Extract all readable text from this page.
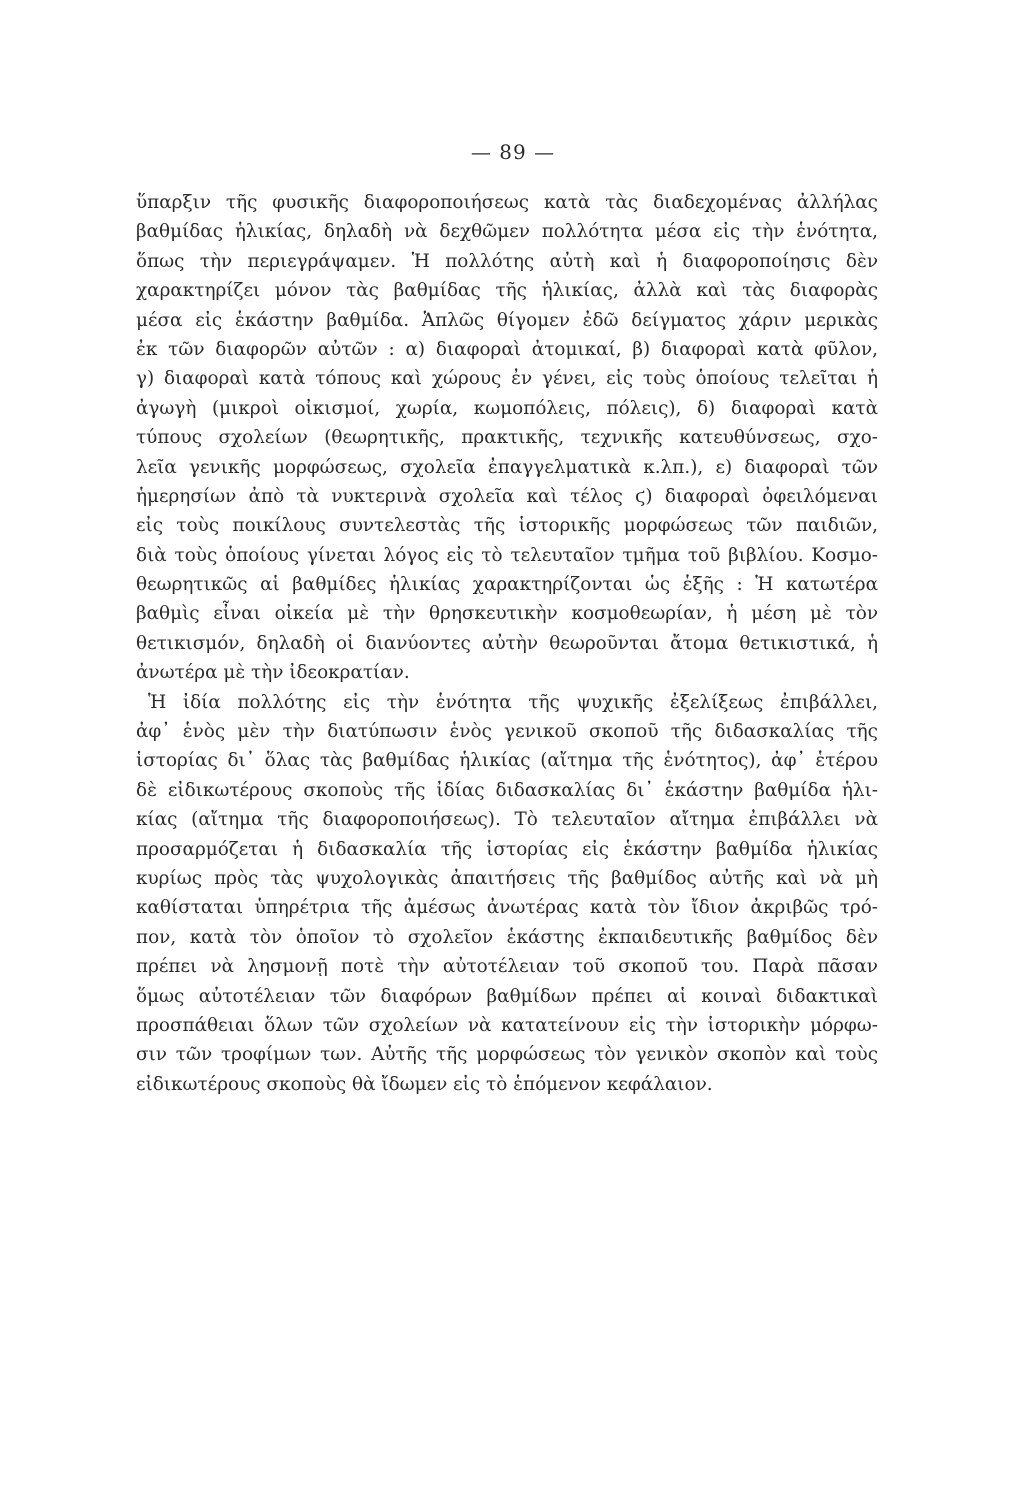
— 89 —
ὕπαρξιν τῆς φυσικῆς διαφοροποιήσεως κατὰ τὰς διαδεχομένας ἀλλήλας
βαθμίδας ἡλικίας, δηλαδὴ νὰ δεχθῶμεν πολλότητα μέσα εἰς τὴν ἑνότητα,
ὅπως τὴν περιεγράψαμεν. Ἡ πολλότης αὐτὴ καὶ ἡ διαφοροποίησις δὲν
χαρακτηρίζει μόνον τὰς βαθμίδας τῆς ἡλικίας, ἀλλὰ καὶ τὰς διαφορὰς
μέσα εἰς ἑκάστην βαθμίδα. Ἁπλῶς θίγομεν ἐδῶ δείγματος χάριν μερικὰς
ἐκ τῶν διαφορῶν αὐτῶν : α) διαφοραὶ ἀτομικαί, β) διαφοραὶ κατὰ φῦλον,
γ) διαφοραὶ κατὰ τόπους καὶ χώρους ἐν γένει, εἰς τοὺς ὁποίους τελεῖται ἡ
ἀγωγὴ (μικροὶ οἰκισμοί, χωρία, κωμοπόλεις, πόλεις), δ) διαφοραὶ κατὰ
τύπους σχολείων (θεωρητικῆς, πρακτικῆς, τεχνικῆς κατευθύνσεως, σχο-
λεῖα γενικῆς μορφώσεως, σχολεῖα ἐπαγγελματικὰ κ.λπ.), ε) διαφοραὶ τῶν
ἡμερησίων ἀπὸ τὰ νυκτερινὰ σχολεῖα καὶ τέλος ϛ) διαφοραὶ ὀφειλόμεναι
εἰς τοὺς ποικίλους συντελεστὰς τῆς ἱστορικῆς μορφώσεως τῶν παιδιῶν,
διὰ τοὺς ὁποίους γίνεται λόγος εἰς τὸ τελευταῖον τμῆμα τοῦ βιβλίου. Κοσμο-
θεωρητικῶς αἱ βαθμίδες ἡλικίας χαρακτηρίζονται ὡς ἑξῆς : Ἡ κατωτέρα
βαθμὶς εἶναι οἰκεία μὲ τὴν θρησκευτικὴν κοσμοθεωρίαν, ἡ μέση μὲ τὸν
θετικισμόν, δηλαδὴ οἱ διανύοντες αὐτὴν θεωροῦνται ἄτομα θετικιστικά, ἡ
ἀνωτέρα μὲ τὴν ἰδεοκρατίαν.
Ἡ ἰδία πολλότης εἰς τὴν ἑνότητα τῆς ψυχικῆς ἐξελίξεως ἐπιβάλλει,
ἀφ᾽ ἑνὸς μὲν τὴν διατύπωσιν ἑνὸς γενικοῦ σκοποῦ τῆς διδασκαλίας τῆς
ἱστορίας δι᾽ ὅλας τὰς βαθμίδας ἡλικίας (αἴτημα τῆς ἑνότητος), ἀφ᾽ ἑτέρου
δὲ εἰδικωτέρους σκοποὺς τῆς ἰδίας διδασκαλίας δι᾽ ἑκάστην βαθμίδα ἡλι-
κίας (αἴτημα τῆς διαφοροποιήσεως). Τὸ τελευταῖον αἴτημα ἐπιβάλλει νὰ
προσαρμόζεται ἡ διδασκαλία τῆς ἱστορίας εἰς ἑκάστην βαθμίδα ἡλικίας
κυρίως πρὸς τὰς ψυχολογικὰς ἀπαιτήσεις τῆς βαθμίδος αὐτῆς καὶ νὰ μὴ
καθίσταται ὑπηρέτρια τῆς ἀμέσως ἀνωτέρας κατὰ τὸν ἴδιον ἀκριβῶς τρό-
πον, κατὰ τὸν ὁποῖον τὸ σχολεῖον ἑκάστης ἐκπαιδευτικῆς βαθμίδος δὲν
πρέπει νὰ λησμονῇ ποτὲ τὴν αὐτοτέλειαν τοῦ σκοποῦ του. Παρὰ πᾶσαν
ὅμως αὐτοτέλειαν τῶν διαφόρων βαθμίδων πρέπει αἱ κοιναὶ διδακτικαὶ
προσπάθειαι ὅλων τῶν σχολείων νὰ κατατείνουν εἰς τὴν ἱστορικὴν μόρφω-
σιν τῶν τροφίμων των. Αὐτῆς τῆς μορφώσεως τὸν γενικὸν σκοπὸν καὶ τοὺς
εἰδικωτέρους σκοποὺς θὰ ἴδωμεν εἰς τὸ ἑπόμενον κεφάλαιον.
